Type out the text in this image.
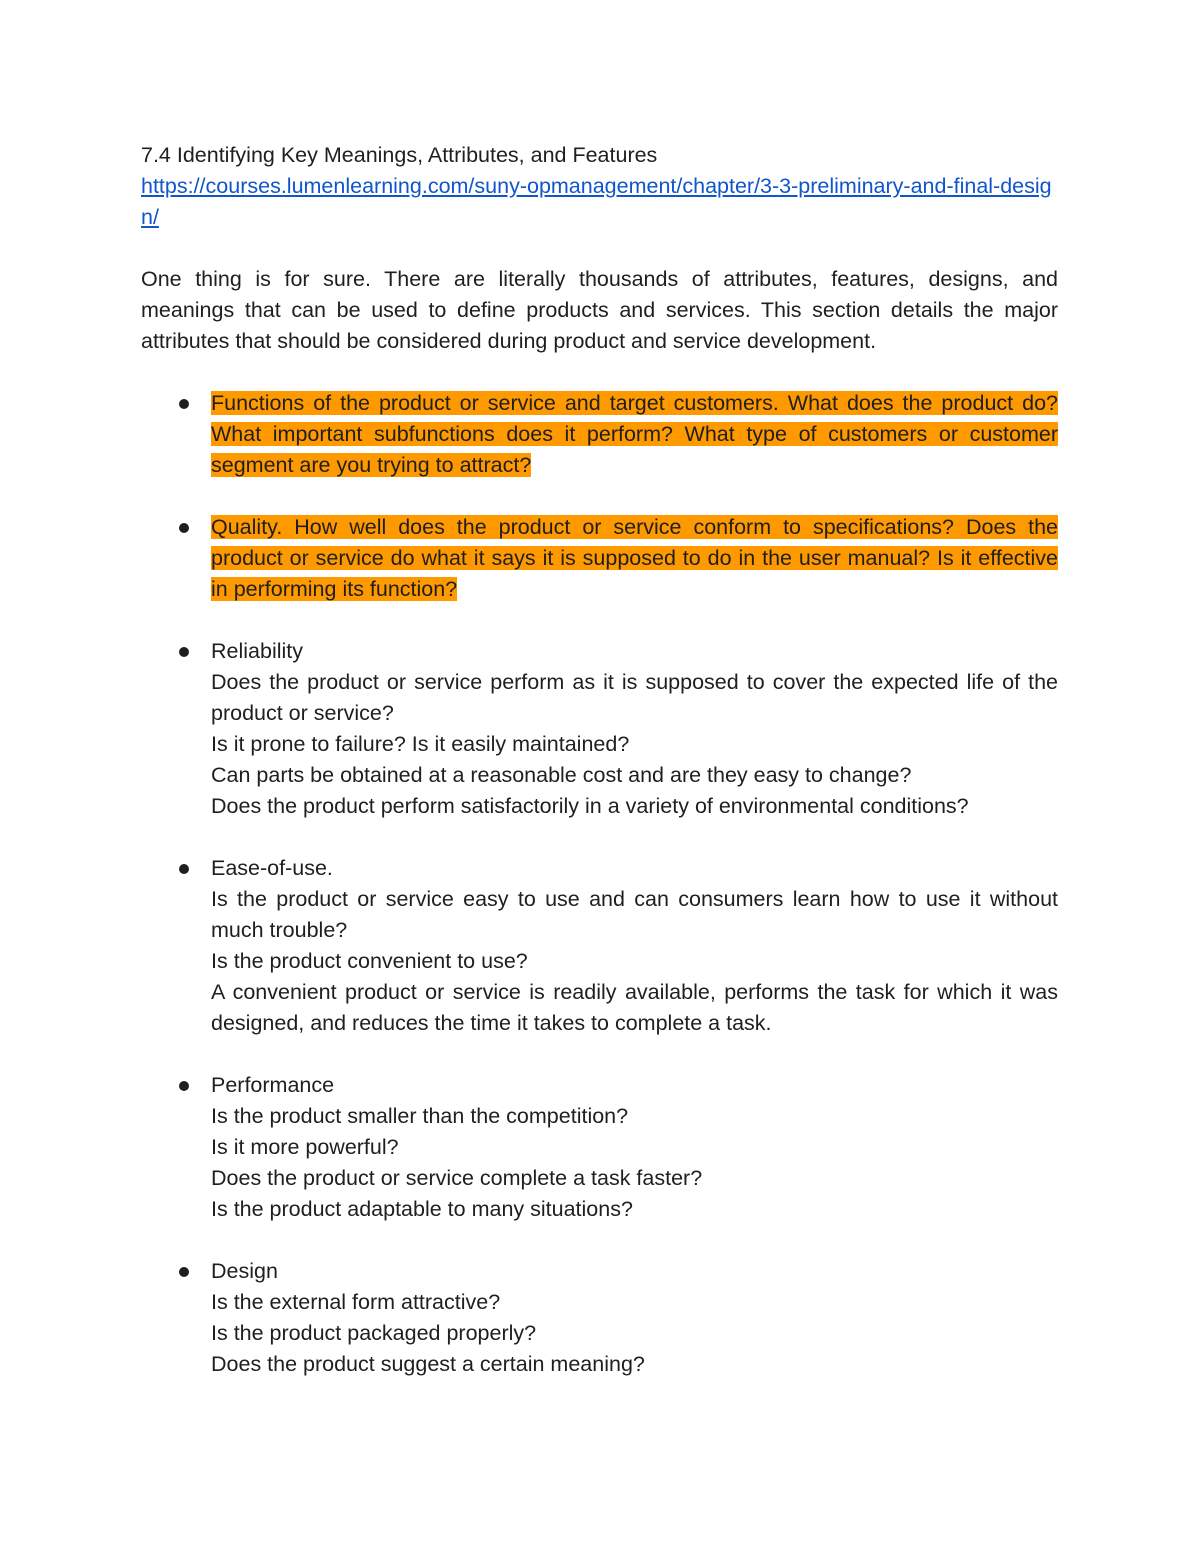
7.4 Identifying Key Meanings, Attributes, and Features
https://courses.lumenlearning.com/suny-opmanagement/chapter/3-3-preliminary-and-final-design/

One thing is for sure. There are literally thousands of attributes, features, designs, and meanings that can be used to define products and services. This section details the major attributes that should be considered during product and service development.

Functions of the product or service and target customers. What does the product do? What important subfunctions does it perform? What type of customers or customer segment are you trying to attract?
Quality. How well does the product or service conform to specifications? Does the product or service do what it says it is supposed to do in the user manual? Is it effective in performing its function?
Reliability
Does the product or service perform as it is supposed to cover the expected life of the product or service?
Is it prone to failure? Is it easily maintained?
Can parts be obtained at a reasonable cost and are they easy to change?
Does the product perform satisfactorily in a variety of environmental conditions?
Ease-of-use.
Is the product or service easy to use and can consumers learn how to use it without much trouble?
Is the product convenient to use?
A convenient product or service is readily available, performs the task for which it was designed, and reduces the time it takes to complete a task.
Performance
Is the product smaller than the competition?
Is it more powerful?
Does the product or service complete a task faster?
Is the product adaptable to many situations?
Design
Is the external form attractive?
Is the product packaged properly?
Does the product suggest a certain meaning?
